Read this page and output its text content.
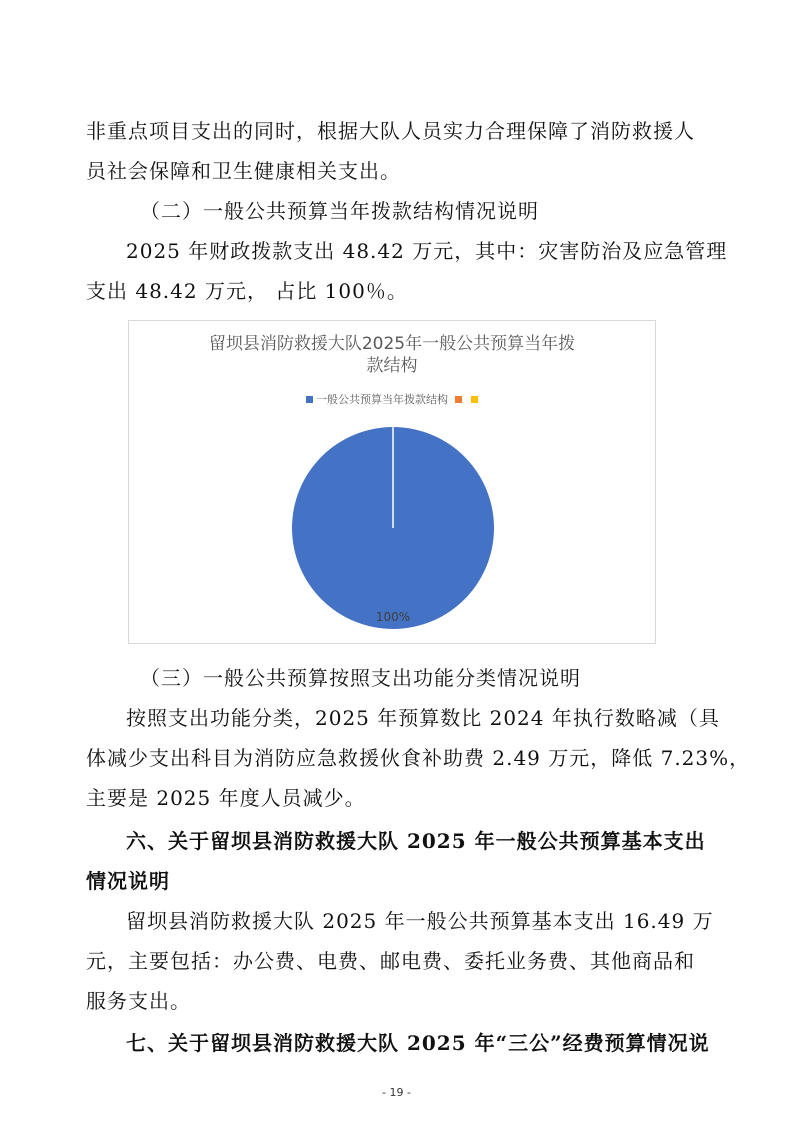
非重点项目支出的同时，根据大队人员实力合理保障了消防救援人
员社会保障和卫生健康相关支出。
（二）一般公共预算当年拨款结构情况说明
2025 年财政拨款支出 48.42 万元，其中：灾害防治及应急管理
支出 48.42 万元， 占比 100％。
留坝县消防救援大队2025年一般公共预算当年拨
款结构
一般公共预算当年拨款结构
100%
（三）一般公共预算按照支出功能分类情况说明
按照支出功能分类，2025 年预算数比 2024 年执行数略减（具
体减少支出科目为消防应急救援伙食补助费 2.49 万元，降低 7.23%，
主要是 2025 年度人员减少。
六、关于留坝县消防救援大队 2025 年一般公共预算基本支出
情况说明
留坝县消防救援大队 2025 年一般公共预算基本支出 16.49 万
元，主要包括：办公费、电费、邮电费、委托业务费、其他商品和
服务支出。
七、关于留坝县消防救援大队 2025 年“三公”经费预算情况说
- 19 -
